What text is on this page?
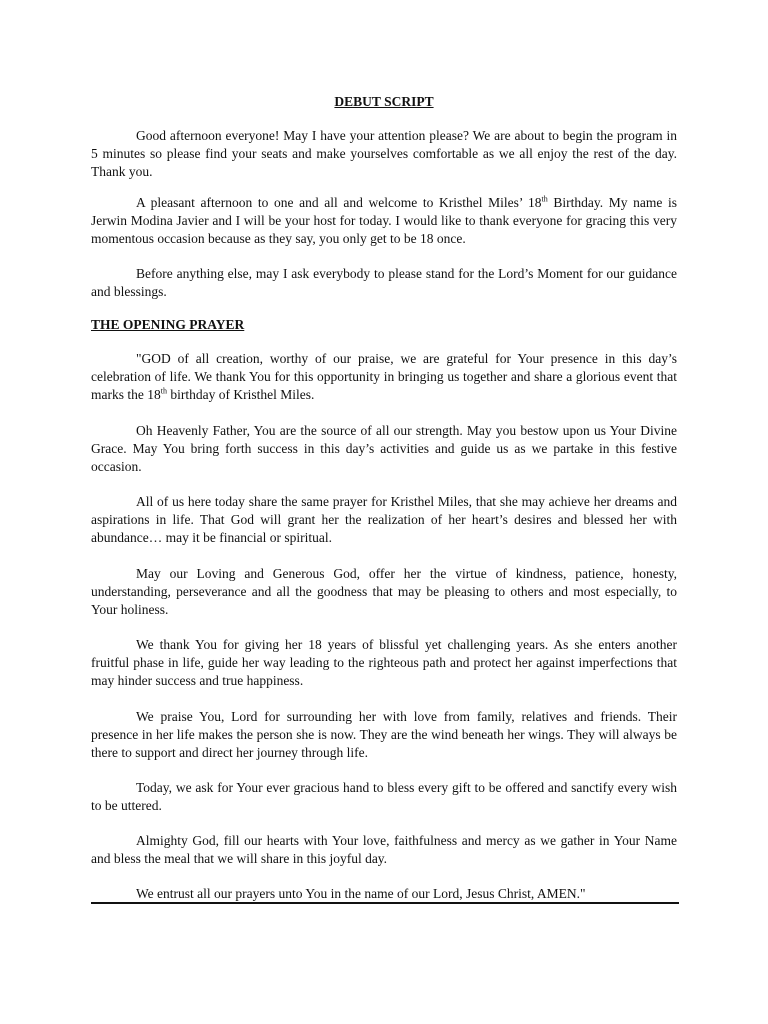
DEBUT SCRIPT

Good afternoon everyone! May I have your attention please? We are about to begin the program in 5 minutes so please find your seats and make yourselves comfortable as we all enjoy the rest of the day. Thank you.

A pleasant afternoon to one and all and welcome to Kristhel Miles’ 18th Birthday. My name is Jerwin Modina Javier and I will be your host for today. I would like to thank everyone for gracing this very momentous occasion because as they say, you only get to be 18 once.

Before anything else, may I ask everybody to please stand for the Lord’s Moment for our guidance and blessings.

THE OPENING PRAYER

"GOD of all creation, worthy of our praise, we are grateful for Your presence in this day’s celebration of life. We thank You for this opportunity in bringing us together and share a glorious event that marks the 18th birthday of Kristhel Miles.

Oh Heavenly Father, You are the source of all our strength. May you bestow upon us Your Divine Grace. May You bring forth success in this day’s activities and guide us as we partake in this festive occasion.

All of us here today share the same prayer for Kristhel Miles, that she may achieve her dreams and aspirations in life. That God will grant her the realization of her heart’s desires and blessed her with abundance… may it be financial or spiritual.

May our Loving and Generous God, offer her the virtue of kindness, patience, honesty, understanding, perseverance and all the goodness that may be pleasing to others and most especially, to Your holiness.

We thank You for giving her 18 years of blissful yet challenging years. As she enters another fruitful phase in life, guide her way leading to the righteous path and protect her against imperfections that may hinder success and true happiness.

We praise You, Lord for surrounding her with love from family, relatives and friends. Their presence in her life makes the person she is now. They are the wind beneath her wings. They will always be there to support and direct her journey through life.

Today, we ask for Your ever gracious hand to bless every gift to be offered and sanctify every wish to be uttered.

Almighty God, fill our hearts with Your love, faithfulness and mercy as we gather in Your Name and bless the meal that we will share in this joyful day.

We entrust all our prayers unto You in the name of our Lord, Jesus Christ, AMEN."
